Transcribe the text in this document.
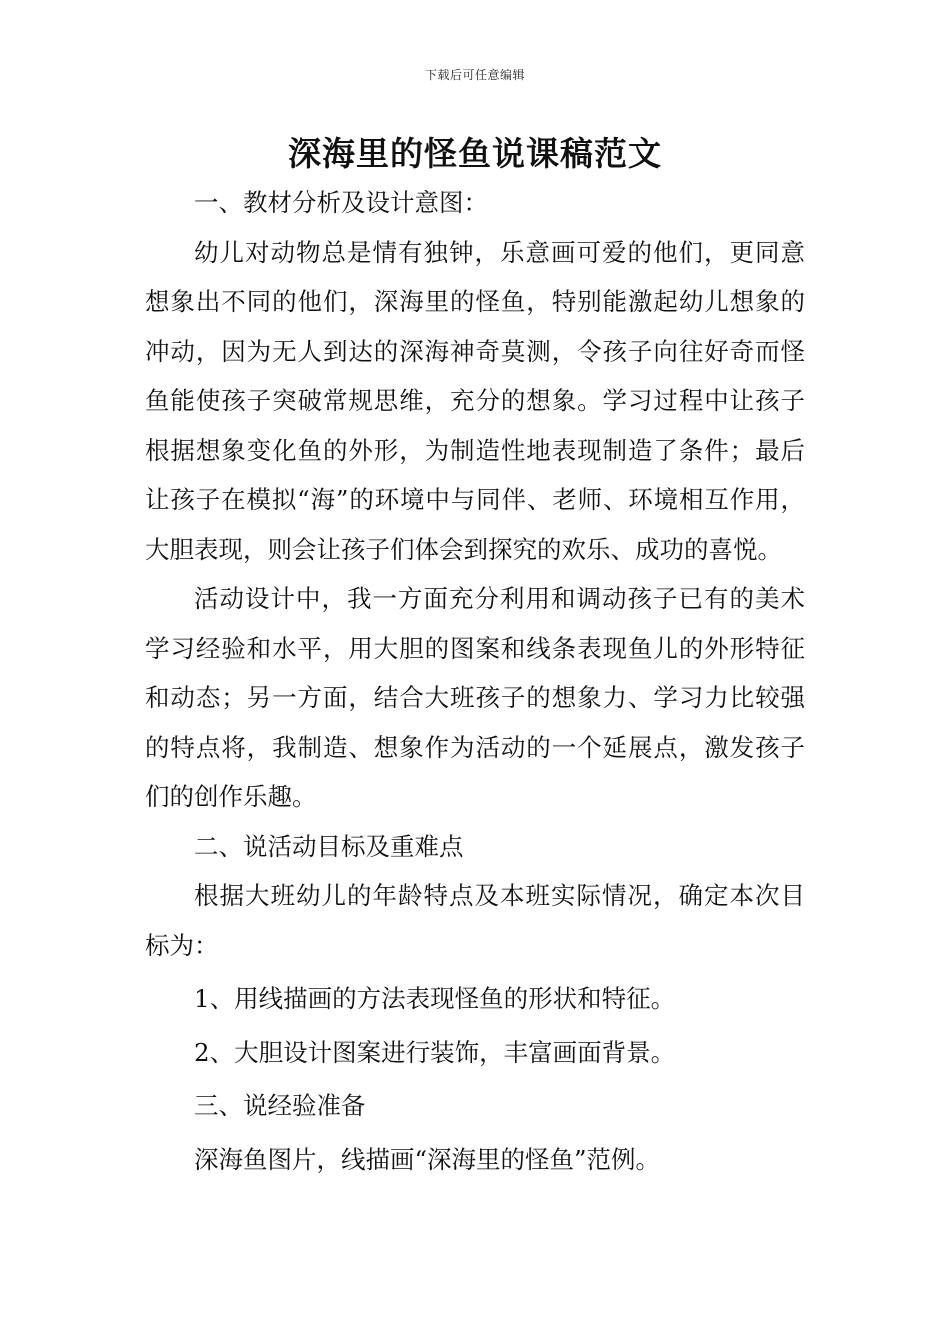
下载后可任意编辑
深海里的怪鱼说课稿范文

一、教材分析及设计意图：

幼儿对动物总是情有独钟，乐意画可爱的他们，更同意想象出不同的他们，深海里的怪鱼，特别能激起幼儿想象的冲动，因为无人到达的深海神奇莫测，令孩子向往好奇而怪鱼能使孩子突破常规思维，充分的想象。学习过程中让孩子根据想象变化鱼的外形，为制造性地表现制造了条件；最后让孩子在模拟“海”的环境中与同伴、老师、环境相互作用，大胆表现，则会让孩子们体会到探究的欢乐、成功的喜悦。

活动设计中，我一方面充分利用和调动孩子已有的美术学习经验和水平，用大胆的图案和线条表现鱼儿的外形特征和动态；另一方面，结合大班孩子的想象力、学习力比较强的特点将，我制造、想象作为活动的一个延展点，激发孩子们的创作乐趣。

二、说活动目标及重难点

根据大班幼儿的年龄特点及本班实际情况，确定本次目标为：

1、用线描画的方法表现怪鱼的形状和特征。

2、大胆设计图案进行装饰，丰富画面背景。

三、说经验准备

深海鱼图片，线描画“深海里的怪鱼”范例。
